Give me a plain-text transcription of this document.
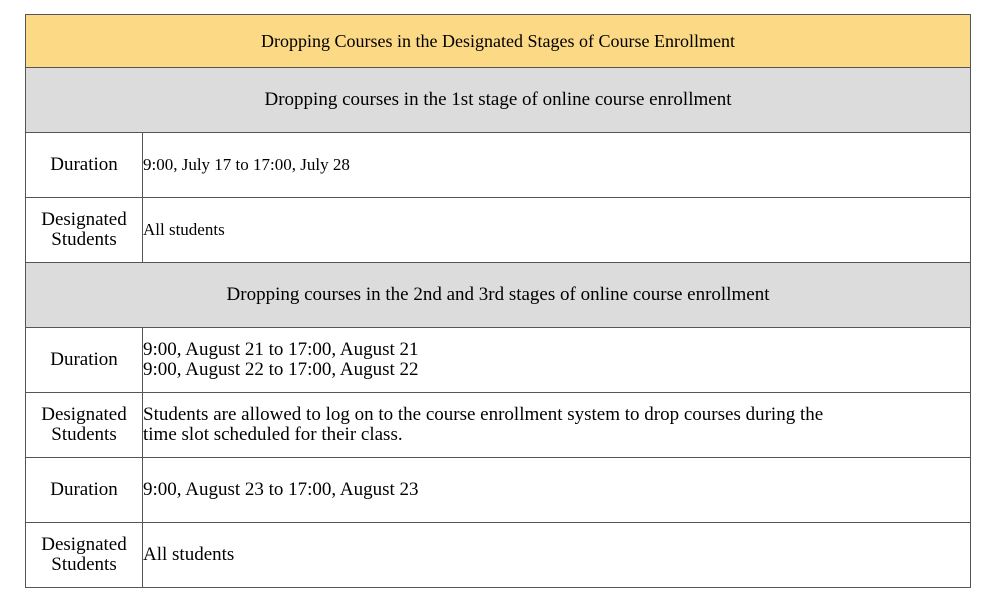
Dropping Courses in the Designated Stages of Course Enrollment	
Dropping courses in the 1st stage of online course enrollment	
Duration	9:00, July 17 to 17:00, July 28

Designated
Students	All students
Dropping courses in the 2nd and 3rd stages of online course enrollment	
Duration	9:00, August 21 to 17:00, August 21
9:00, August 22 to 17:00, August 22

Designated
Students	Students are allowed to log on to the course enrollment system to drop courses during the
time slot scheduled for their class.

Duration	9:00, August 23 to 17:00, August 23

Designated
Students	All students
